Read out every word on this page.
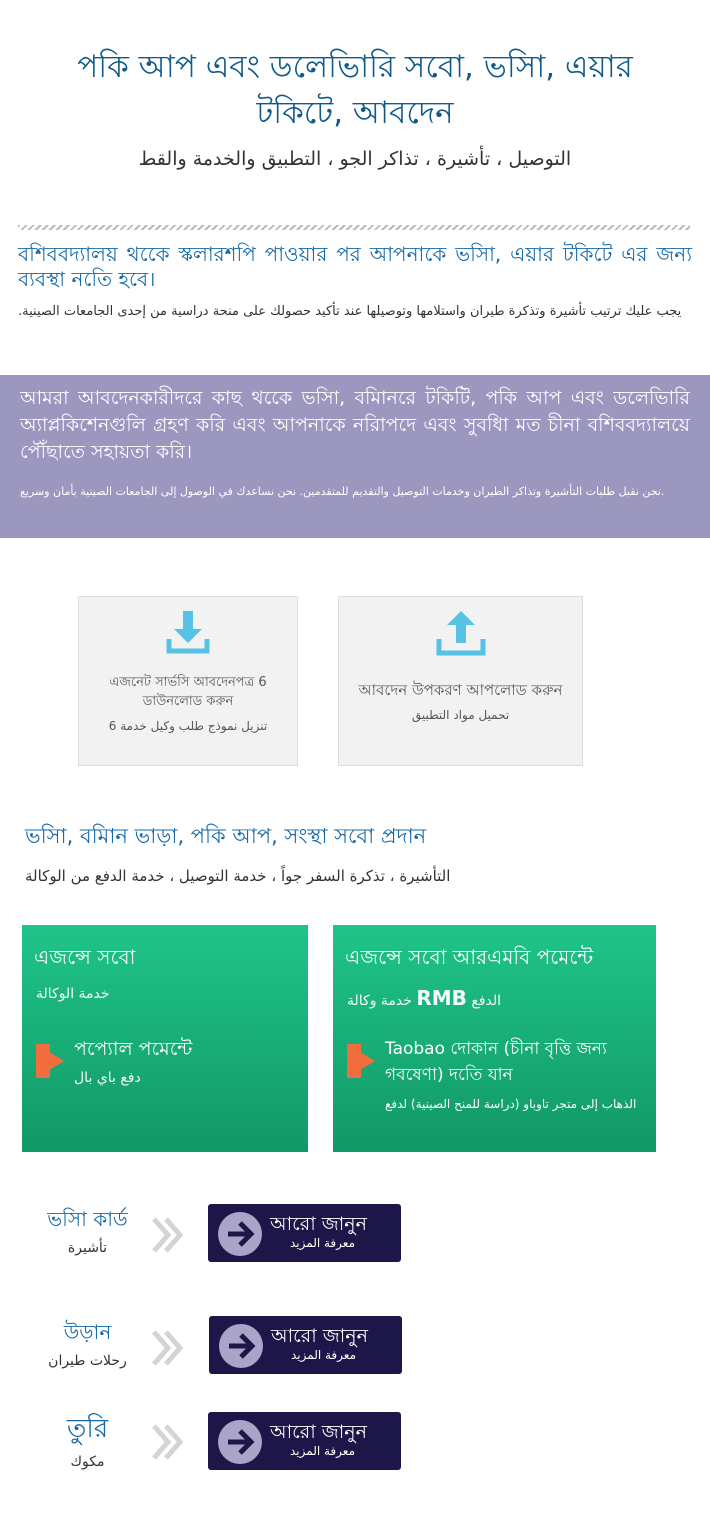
পকি আপ এবং ডলেভিারি সবো, ভসিা, এয়ার টকিটে, আবদেন
التوصيل ، تأشيرة ، تذاكر الجو ، التطبيق والخدمة والقط
বশিববদ্যালয় থকেে স্কলারশপি পাওয়ার পর আপনাকে ভসিা, এয়ার টকিটে এর জন্য ব্যবস্থা নতিে হবে।
يجب عليك ترتيب تأشيرة وتذكرة طيران واستلامها وتوصيلها عند تأكيد حصولك على منحة دراسية من إحدى الجامعات الصينية.
আমরা আবদেনকারীদরে কাছ থকেে ভসিা, বমিানরে টকিটি, পকি আপ এবং ডলেভিারি অ্যাপ্লকিশেনগুলি গ্রহণ করি এবং আপনাকে নরিাপদে এবং সুবধিা মত চীনা বশিববদ্যালয়ে পৌঁছাতে সহায়তা করি।
نحن نقبل طلبات التأشيرة وتذاكر الطيران وخدمات التوصيل والتقديم للمتقدمين. نحن نساعدك في الوصول إلى الجامعات الصينية بأمان وسريع.
এজনেট সার্ভসি আবদেনপত্র 6 ডাউনলোড করুন
تنزيل نموذج طلب وكيل خدمة 6
আবদেন উপকরণ আপলোড করুন
تحميل مواد التطبيق
ভসিা, বমিান ভাড়া, পকি আপ, সংস্থা সবো প্রদান
التأشيرة ، تذكرة السفر جواً ، خدمة التوصيل ، خدمة الدفع من الوكالة
এজন্সে সবো
خدمة الوكالة
পপ্যোল পমেন্টে
دفع باي بال
এজন্সে সবো আরএমবি পমেন্টে
خدمة وكالة RMB الدفع
Taobao দোকান (চীনা বৃত্তি জন্য গবষেণা) দতিে যান
الذهاب إلى متجر تاوباو (دراسة للمنح الصينية) لدفع
ভসিা কার্ড
تأشيرة
আরো জানুন
معرفة المزيد
উড়ান
رحلات طيران
আরো জানুন
معرفة المزيد
তুরি
مكوك
আরো জানুন
معرفة المزيد
